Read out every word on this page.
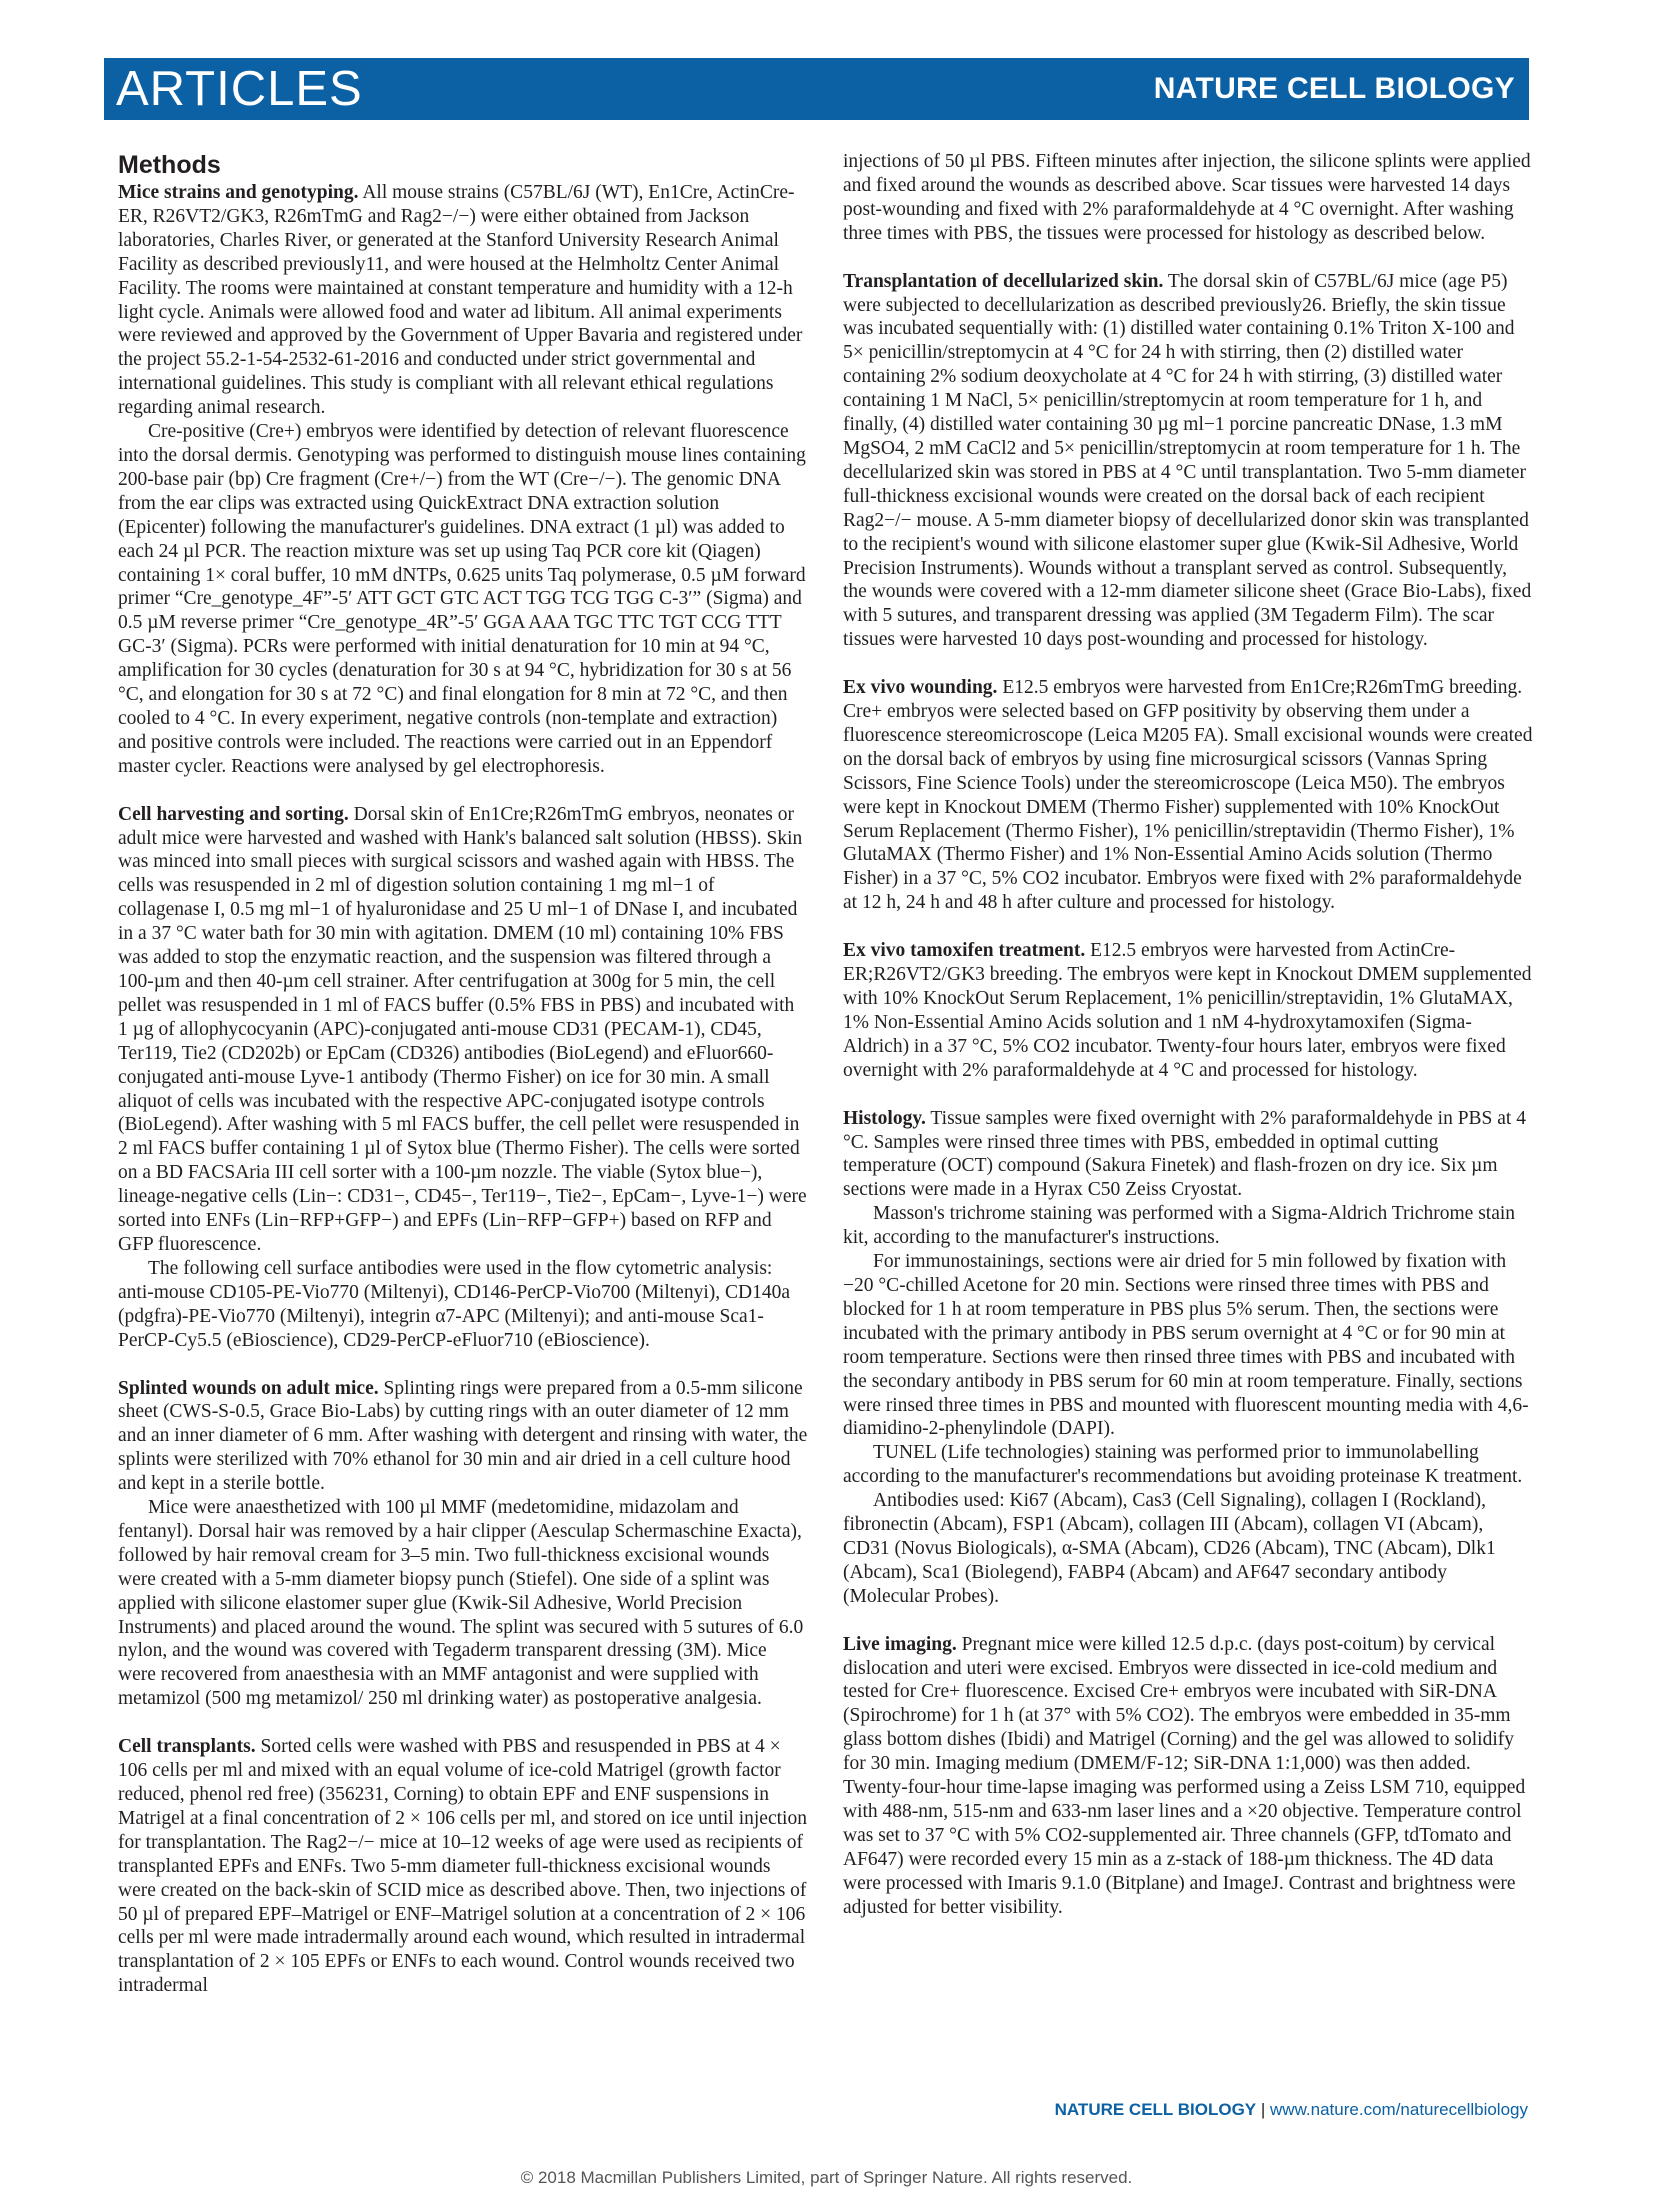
ARTICLES	NATURE CELL BIOLOGY
Methods

Mice strains and genotyping. All mouse strains (C57BL/6J (WT), En1Cre, ActinCre-ER, R26VT2/GK3, R26mTmG and Rag2−/−) were either obtained from Jackson laboratories, Charles River, or generated at the Stanford University Research Animal Facility as described previously11, and were housed at the Helmholtz Center Animal Facility. The rooms were maintained at constant temperature and humidity with a 12-h light cycle. Animals were allowed food and water ad libitum. All animal experiments were reviewed and approved by the Government of Upper Bavaria and registered under the project 55.2-1-54-2532-61-2016 and conducted under strict governmental and international guidelines. This study is compliant with all relevant ethical regulations regarding animal research.

Cre-positive (Cre+) embryos were identified by detection of relevant fluorescence into the dorsal dermis. Genotyping was performed to distinguish mouse lines containing 200-base pair (bp) Cre fragment (Cre+/−) from the WT (Cre−/−). The genomic DNA from the ear clips was extracted using QuickExtract DNA extraction solution (Epicenter) following the manufacturer's guidelines. DNA extract (1 µl) was added to each 24 µl PCR. The reaction mixture was set up using Taq PCR core kit (Qiagen) containing 1× coral buffer, 10 mM dNTPs, 0.625 units Taq polymerase, 0.5 µM forward primer “Cre_genotype_4F”-5′ ATT GCT GTC ACT TGG TCG TGG C-3′” (Sigma) and 0.5 µM reverse primer “Cre_genotype_4R”-5′ GGA AAA TGC TTC TGT CCG TTT GC-3′ (Sigma). PCRs were performed with initial denaturation for 10 min at 94 °C, amplification for 30 cycles (denaturation for 30 s at 94 °C, hybridization for 30 s at 56 °C, and elongation for 30 s at 72 °C) and final elongation for 8 min at 72 °C, and then cooled to 4 °C. In every experiment, negative controls (non-template and extraction) and positive controls were included. The reactions were carried out in an Eppendorf master cycler. Reactions were analysed by gel electrophoresis.

Cell harvesting and sorting. Dorsal skin of En1Cre;R26mTmG embryos, neonates or adult mice were harvested and washed with Hank's balanced salt solution (HBSS). Skin was minced into small pieces with surgical scissors and washed again with HBSS. The cells was resuspended in 2 ml of digestion solution containing 1 mg ml−1 of collagenase I, 0.5 mg ml−1 of hyaluronidase and 25 U ml−1 of DNase I, and incubated in a 37 °C water bath for 30 min with agitation. DMEM (10 ml) containing 10% FBS was added to stop the enzymatic reaction, and the suspension was filtered through a 100-µm and then 40-µm cell strainer. After centrifugation at 300g for 5 min, the cell pellet was resuspended in 1 ml of FACS buffer (0.5% FBS in PBS) and incubated with 1 µg of allophycocyanin (APC)-conjugated anti-mouse CD31 (PECAM-1), CD45, Ter119, Tie2 (CD202b) or EpCam (CD326) antibodies (BioLegend) and eFluor660-conjugated anti-mouse Lyve-1 antibody (Thermo Fisher) on ice for 30 min. A small aliquot of cells was incubated with the respective APC-conjugated isotype controls (BioLegend). After washing with 5 ml FACS buffer, the cell pellet were resuspended in 2 ml FACS buffer containing 1 µl of Sytox blue (Thermo Fisher). The cells were sorted on a BD FACSAria III cell sorter with a 100-µm nozzle. The viable (Sytox blue−), lineage-negative cells (Lin−: CD31−, CD45−, Ter119−, Tie2−, EpCam−, Lyve-1−) were sorted into ENFs (Lin−RFP+GFP−) and EPFs (Lin−RFP−GFP+) based on RFP and GFP fluorescence.

The following cell surface antibodies were used in the flow cytometric analysis: anti-mouse CD105-PE-Vio770 (Miltenyi), CD146-PerCP-Vio700 (Miltenyi), CD140a (pdgfra)-PE-Vio770 (Miltenyi), integrin α7-APC (Miltenyi); and anti-mouse Sca1-PerCP-Cy5.5 (eBioscience), CD29-PerCP-eFluor710 (eBioscience).

Splinted wounds on adult mice. Splinting rings were prepared from a 0.5-mm silicone sheet (CWS-S-0.5, Grace Bio-Labs) by cutting rings with an outer diameter of 12 mm and an inner diameter of 6 mm. After washing with detergent and rinsing with water, the splints were sterilized with 70% ethanol for 30 min and air dried in a cell culture hood and kept in a sterile bottle.

Mice were anaesthetized with 100 µl MMF (medetomidine, midazolam and fentanyl). Dorsal hair was removed by a hair clipper (Aesculap Schermaschine Exacta), followed by hair removal cream for 3–5 min. Two full-thickness excisional wounds were created with a 5-mm diameter biopsy punch (Stiefel). One side of a splint was applied with silicone elastomer super glue (Kwik-Sil Adhesive, World Precision Instruments) and placed around the wound. The splint was secured with 5 sutures of 6.0 nylon, and the wound was covered with Tegaderm transparent dressing (3M). Mice were recovered from anaesthesia with an MMF antagonist and were supplied with metamizol (500 mg metamizol/ 250 ml drinking water) as postoperative analgesia.

Cell transplants. Sorted cells were washed with PBS and resuspended in PBS at 4 × 106 cells per ml and mixed with an equal volume of ice-cold Matrigel (growth factor reduced, phenol red free) (356231, Corning) to obtain EPF and ENF suspensions in Matrigel at a final concentration of 2 × 106 cells per ml, and stored on ice until injection for transplantation. The Rag2−/− mice at 10–12 weeks of age were used as recipients of transplanted EPFs and ENFs. Two 5-mm diameter full-thickness excisional wounds were created on the back-skin of SCID mice as described above. Then, two injections of 50 µl of prepared EPF–Matrigel or ENF–Matrigel solution at a concentration of 2 × 106 cells per ml were made intradermally around each wound, which resulted in intradermal transplantation of 2 × 105 EPFs or ENFs to each wound. Control wounds received two intradermal

injections of 50 µl PBS. Fifteen minutes after injection, the silicone splints were applied and fixed around the wounds as described above. Scar tissues were harvested 14 days post-wounding and fixed with 2% paraformaldehyde at 4 °C overnight. After washing three times with PBS, the tissues were processed for histology as described below.

Transplantation of decellularized skin. The dorsal skin of C57BL/6J mice (age P5) were subjected to decellularization as described previously26. Briefly, the skin tissue was incubated sequentially with: (1) distilled water containing 0.1% Triton X-100 and 5× penicillin/streptomycin at 4 °C for 24 h with stirring, then (2) distilled water containing 2% sodium deoxycholate at 4 °C for 24 h with stirring, (3) distilled water containing 1 M NaCl, 5× penicillin/streptomycin at room temperature for 1 h, and finally, (4) distilled water containing 30 µg ml−1 porcine pancreatic DNase, 1.3 mM MgSO4, 2 mM CaCl2 and 5× penicillin/streptomycin at room temperature for 1 h. The decellularized skin was stored in PBS at 4 °C until transplantation. Two 5-mm diameter full-thickness excisional wounds were created on the dorsal back of each recipient Rag2−/− mouse. A 5-mm diameter biopsy of decellularized donor skin was transplanted to the recipient's wound with silicone elastomer super glue (Kwik-Sil Adhesive, World Precision Instruments). Wounds without a transplant served as control. Subsequently, the wounds were covered with a 12-mm diameter silicone sheet (Grace Bio-Labs), fixed with 5 sutures, and transparent dressing was applied (3M Tegaderm Film). The scar tissues were harvested 10 days post-wounding and processed for histology.

Ex vivo wounding. E12.5 embryos were harvested from En1Cre;R26mTmG breeding. Cre+ embryos were selected based on GFP positivity by observing them under a fluorescence stereomicroscope (Leica M205 FA). Small excisional wounds were created on the dorsal back of embryos by using fine microsurgical scissors (Vannas Spring Scissors, Fine Science Tools) under the stereomicroscope (Leica M50). The embryos were kept in Knockout DMEM (Thermo Fisher) supplemented with 10% KnockOut Serum Replacement (Thermo Fisher), 1% penicillin/streptavidin (Thermo Fisher), 1% GlutaMAX (Thermo Fisher) and 1% Non-Essential Amino Acids solution (Thermo Fisher) in a 37 °C, 5% CO2 incubator. Embryos were fixed with 2% paraformaldehyde at 12 h, 24 h and 48 h after culture and processed for histology.

Ex vivo tamoxifen treatment. E12.5 embryos were harvested from ActinCre-ER;R26VT2/GK3 breeding. The embryos were kept in Knockout DMEM supplemented with 10% KnockOut Serum Replacement, 1% penicillin/streptavidin, 1% GlutaMAX, 1% Non-Essential Amino Acids solution and 1 nM 4-hydroxytamoxifen (Sigma-Aldrich) in a 37 °C, 5% CO2 incubator. Twenty-four hours later, embryos were fixed overnight with 2% paraformaldehyde at 4 °C and processed for histology.

Histology. Tissue samples were fixed overnight with 2% paraformaldehyde in PBS at 4 °C. Samples were rinsed three times with PBS, embedded in optimal cutting temperature (OCT) compound (Sakura Finetek) and flash-frozen on dry ice. Six µm sections were made in a Hyrax C50 Zeiss Cryostat.

Masson's trichrome staining was performed with a Sigma-Aldrich Trichrome stain kit, according to the manufacturer's instructions.

For immunostainings, sections were air dried for 5 min followed by fixation with −20 °C-chilled Acetone for 20 min. Sections were rinsed three times with PBS and blocked for 1 h at room temperature in PBS plus 5% serum. Then, the sections were incubated with the primary antibody in PBS serum overnight at 4 °C or for 90 min at room temperature. Sections were then rinsed three times with PBS and incubated with the secondary antibody in PBS serum for 60 min at room temperature. Finally, sections were rinsed three times in PBS and mounted with fluorescent mounting media with 4,6-diamidino-2-phenylindole (DAPI).

TUNEL (Life technologies) staining was performed prior to immunolabelling according to the manufacturer's recommendations but avoiding proteinase K treatment.

Antibodies used: Ki67 (Abcam), Cas3 (Cell Signaling), collagen I (Rockland), fibronectin (Abcam), FSP1 (Abcam), collagen III (Abcam), collagen VI (Abcam), CD31 (Novus Biologicals), α-SMA (Abcam), CD26 (Abcam), TNC (Abcam), Dlk1 (Abcam), Sca1 (Biolegend), FABP4 (Abcam) and AF647 secondary antibody (Molecular Probes).

Live imaging. Pregnant mice were killed 12.5 d.p.c. (days post-coitum) by cervical dislocation and uteri were excised. Embryos were dissected in ice-cold medium and tested for Cre+ fluorescence. Excised Cre+ embryos were incubated with SiR-DNA (Spirochrome) for 1 h (at 37° with 5% CO2). The embryos were embedded in 35-mm glass bottom dishes (Ibidi) and Matrigel (Corning) and the gel was allowed to solidify for 30 min. Imaging medium (DMEM/F-12; SiR-DNA 1:1,000) was then added. Twenty-four-hour time-lapse imaging was performed using a Zeiss LSM 710, equipped with 488-nm, 515-nm and 633-nm laser lines and a ×20 objective. Temperature control was set to 37 °C with 5% CO2-supplemented air. Three channels (GFP, tdTomato and AF647) were recorded every 15 min as a z-stack of 188-µm thickness. The 4D data were processed with Imaris 9.1.0 (Bitplane) and ImageJ. Contrast and brightness were adjusted for better visibility.

NATURE CELL BIOLOGY | www.nature.com/naturecellbiology
© 2018 Macmillan Publishers Limited, part of Springer Nature. All rights reserved.
